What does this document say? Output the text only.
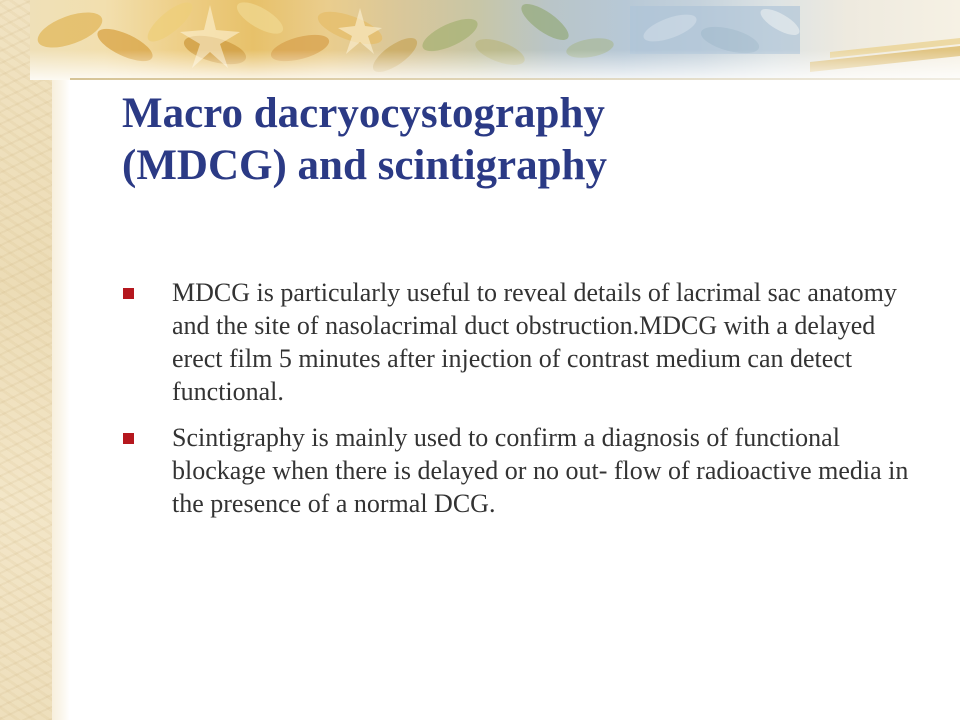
Macro dacryocystography
(MDCG) and scintigraphy
MDCG is particularly useful to reveal details of lacrimal sac anatomy and the site of nasolacrimal duct obstruction.MDCG with a delayed erect film 5 minutes after injection of contrast medium can detect functional.
Scintigraphy is mainly used to confirm a diagnosis of functional blockage when there is delayed or no out- flow of radioactive media in the presence of a normal DCG.
